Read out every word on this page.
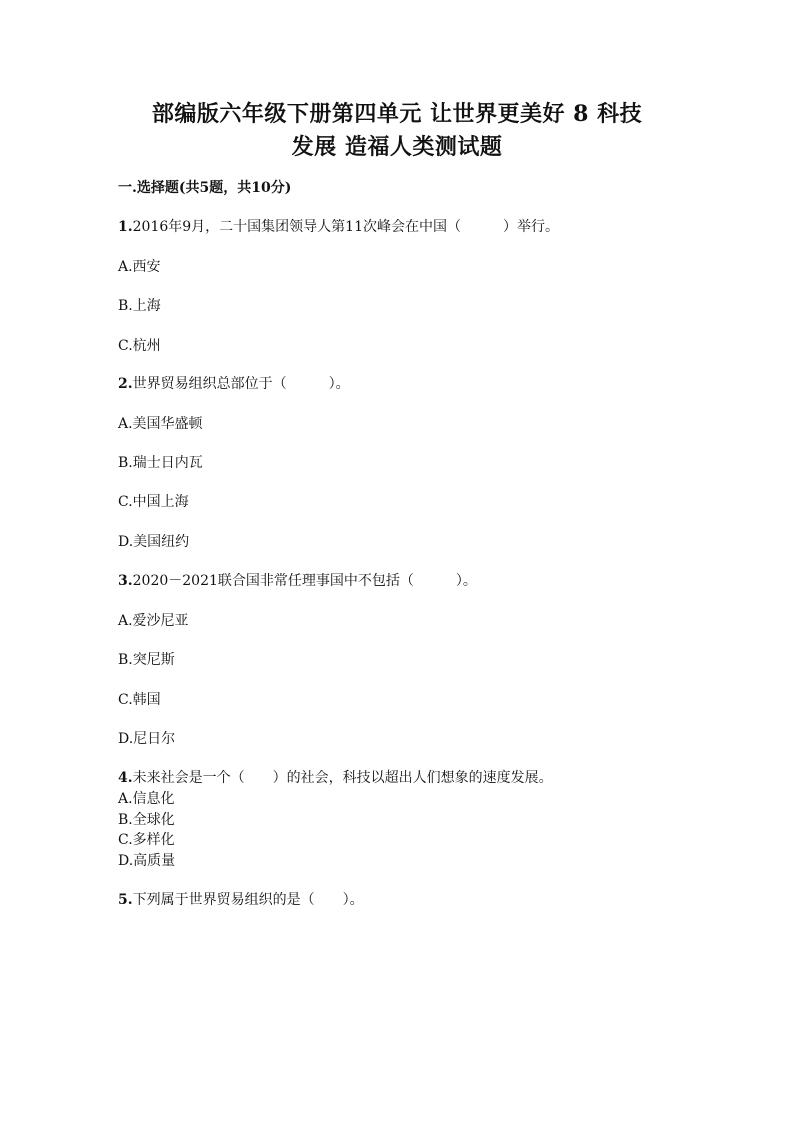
部编版六年级下册第四单元 让世界更美好 8 科技
发展 造福人类测试题
一.选择题(共5题，共10分)
1.2016年9月，二十国集团领导人第11次峰会在中国（　　　）举行。
A.西安
B.上海
C.杭州
2.世界贸易组织总部位于（　　　）。
A.美国华盛顿
B.瑞士日内瓦
C.中国上海
D.美国纽约
3.2020－2021联合国非常任理事国中不包括（　　　）。
A.爱沙尼亚
B.突尼斯
C.韩国
D.尼日尔
4.未来社会是一个（　　）的社会，科技以超出人们想象的速度发展。
A.信息化
B.全球化
C.多样化
D.高质量
5.下列属于世界贸易组织的是（　　）。
